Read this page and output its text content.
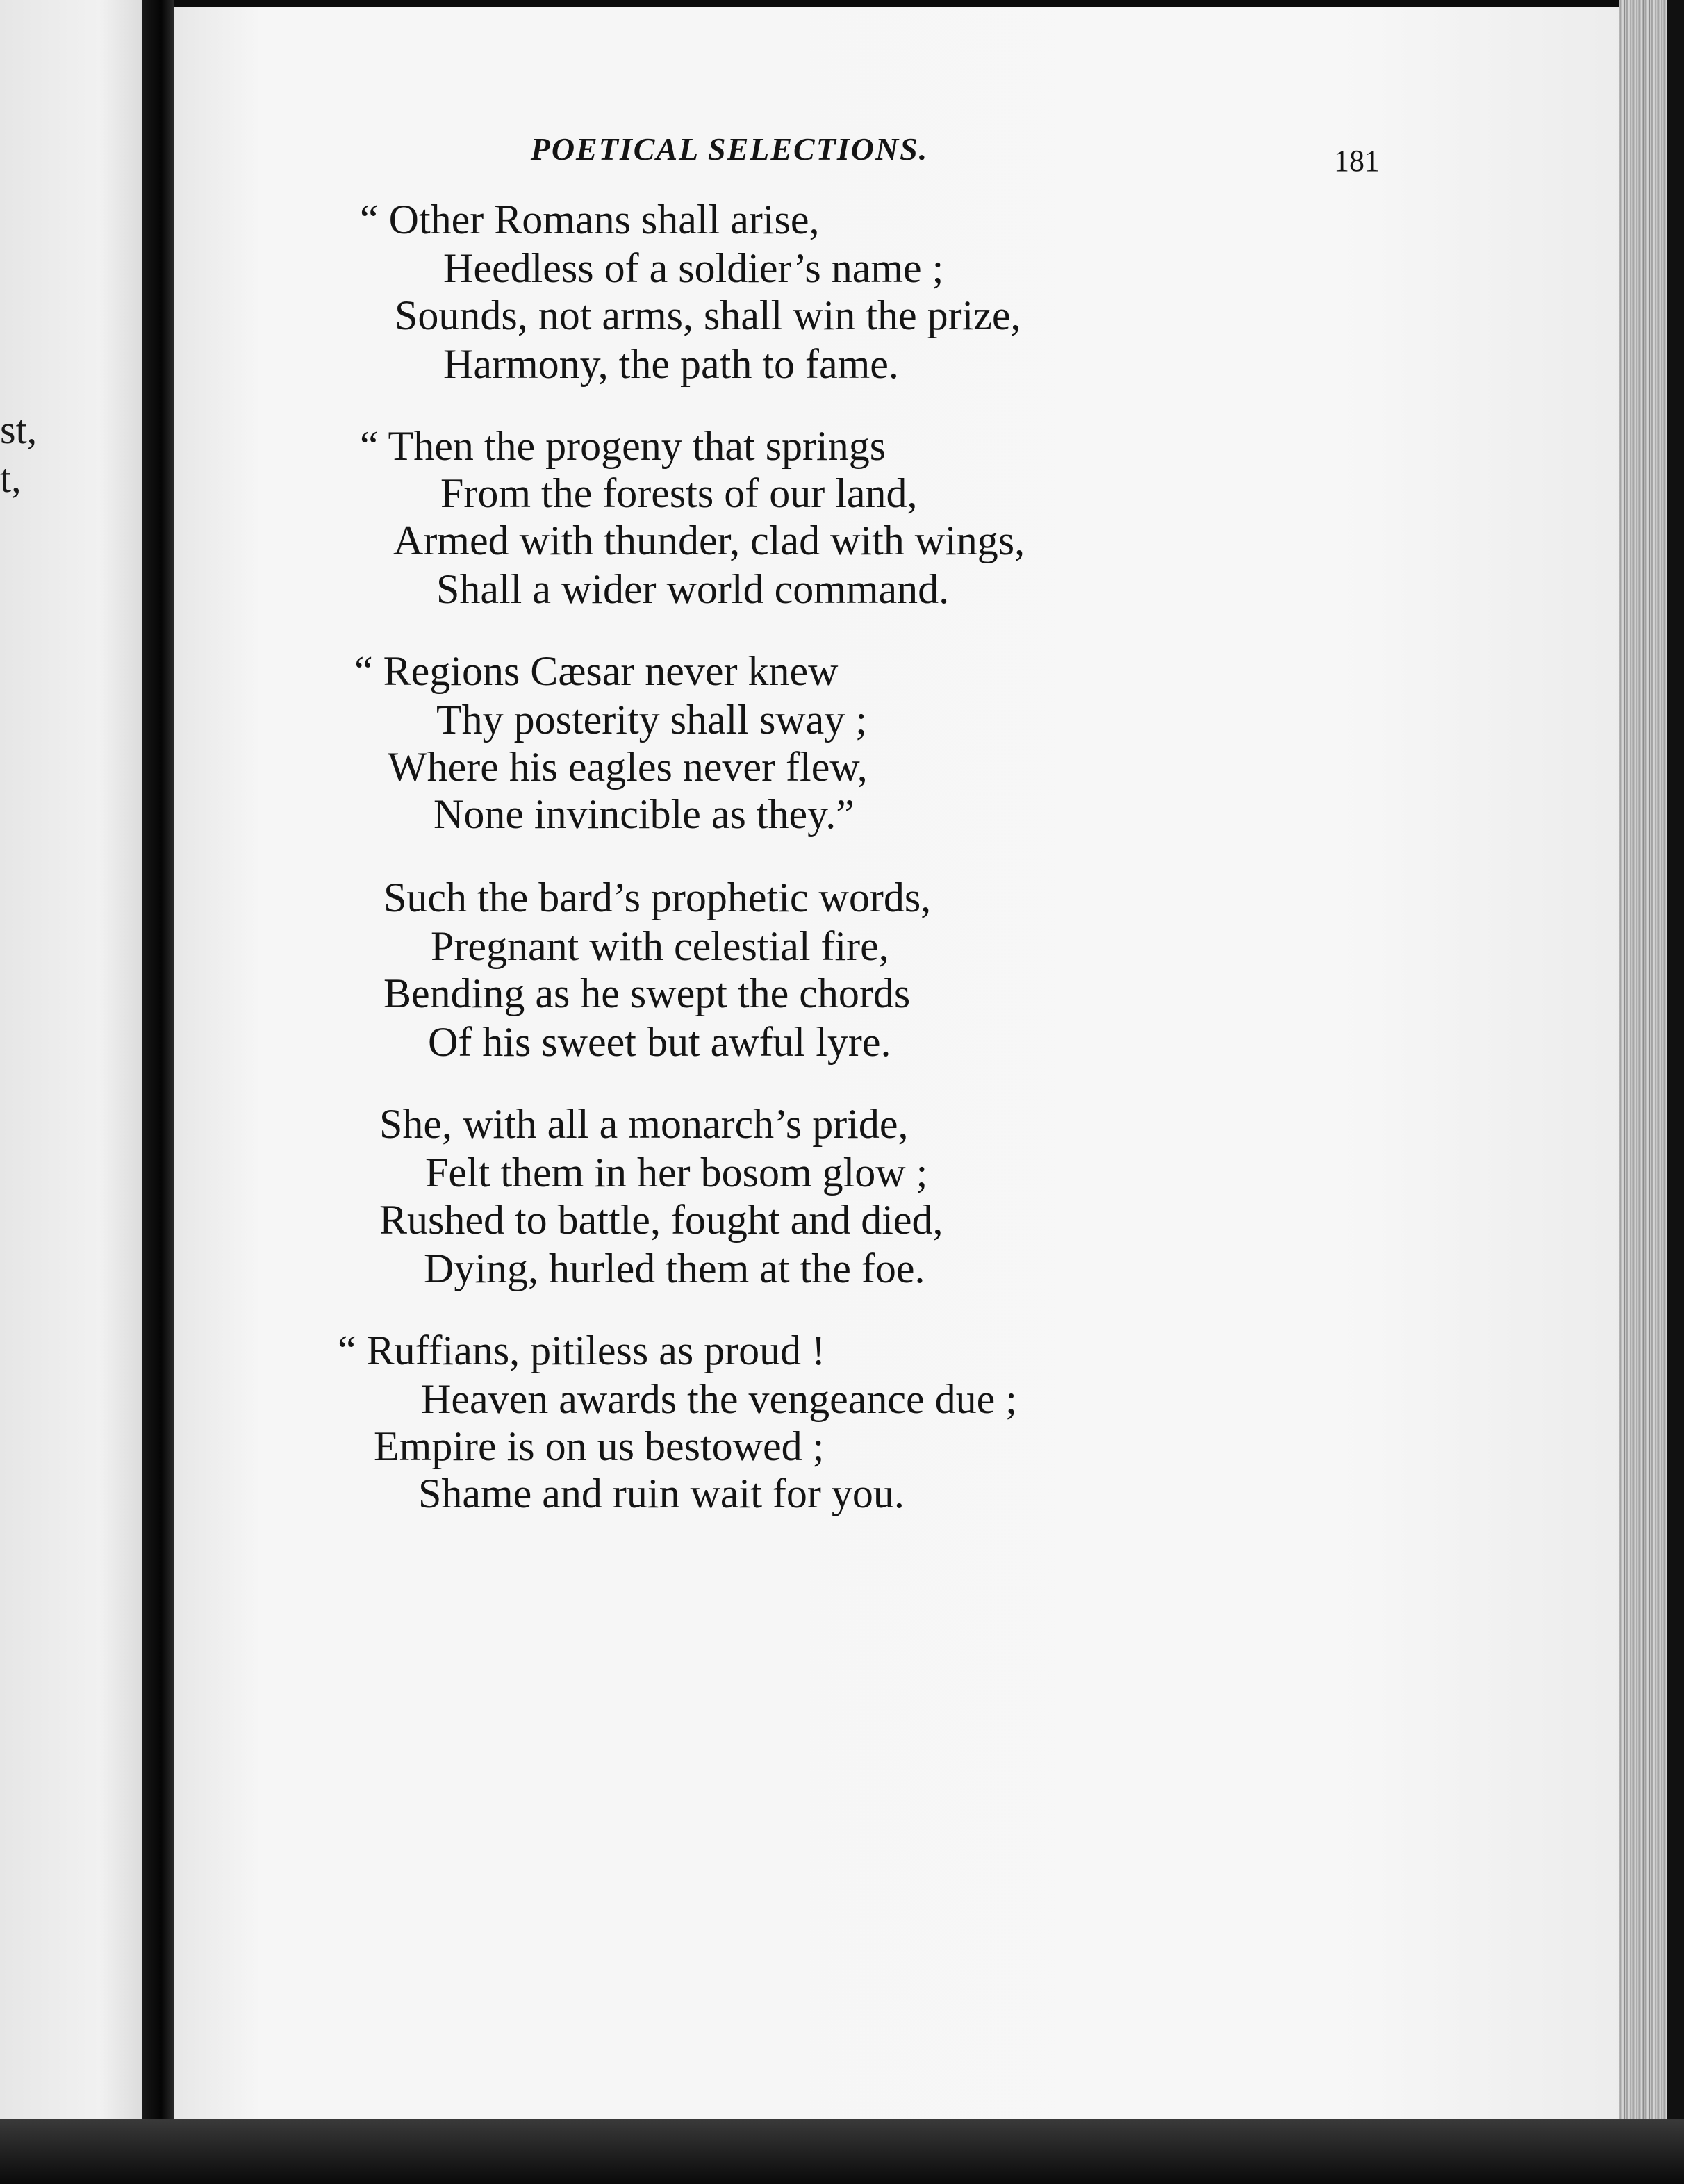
st,
t,
POETICAL SELECTIONS.	181
“ Other Romans shall arise,
Heedless of a soldier’s name ;
Sounds, not arms, shall win the prize,
Harmony, the path to fame.
“ Then the progeny that springs
From the forests of our land,
Armed with thunder, clad with wings,
Shall a wider world command.
“ Regions Cæsar never knew
Thy posterity shall sway ;
Where his eagles never flew,
None invincible as they.”
Such the bard’s prophetic words,
Pregnant with celestial fire,
Bending as he swept the chords
Of his sweet but awful lyre.
She, with all a monarch’s pride,
Felt them in her bosom glow ;
Rushed to battle, fought and died,
Dying, hurled them at the foe.
“ Ruffians, pitiless as proud !
Heaven awards the vengeance due ;
Empire is on us bestowed ;
Shame and ruin wait for you.
